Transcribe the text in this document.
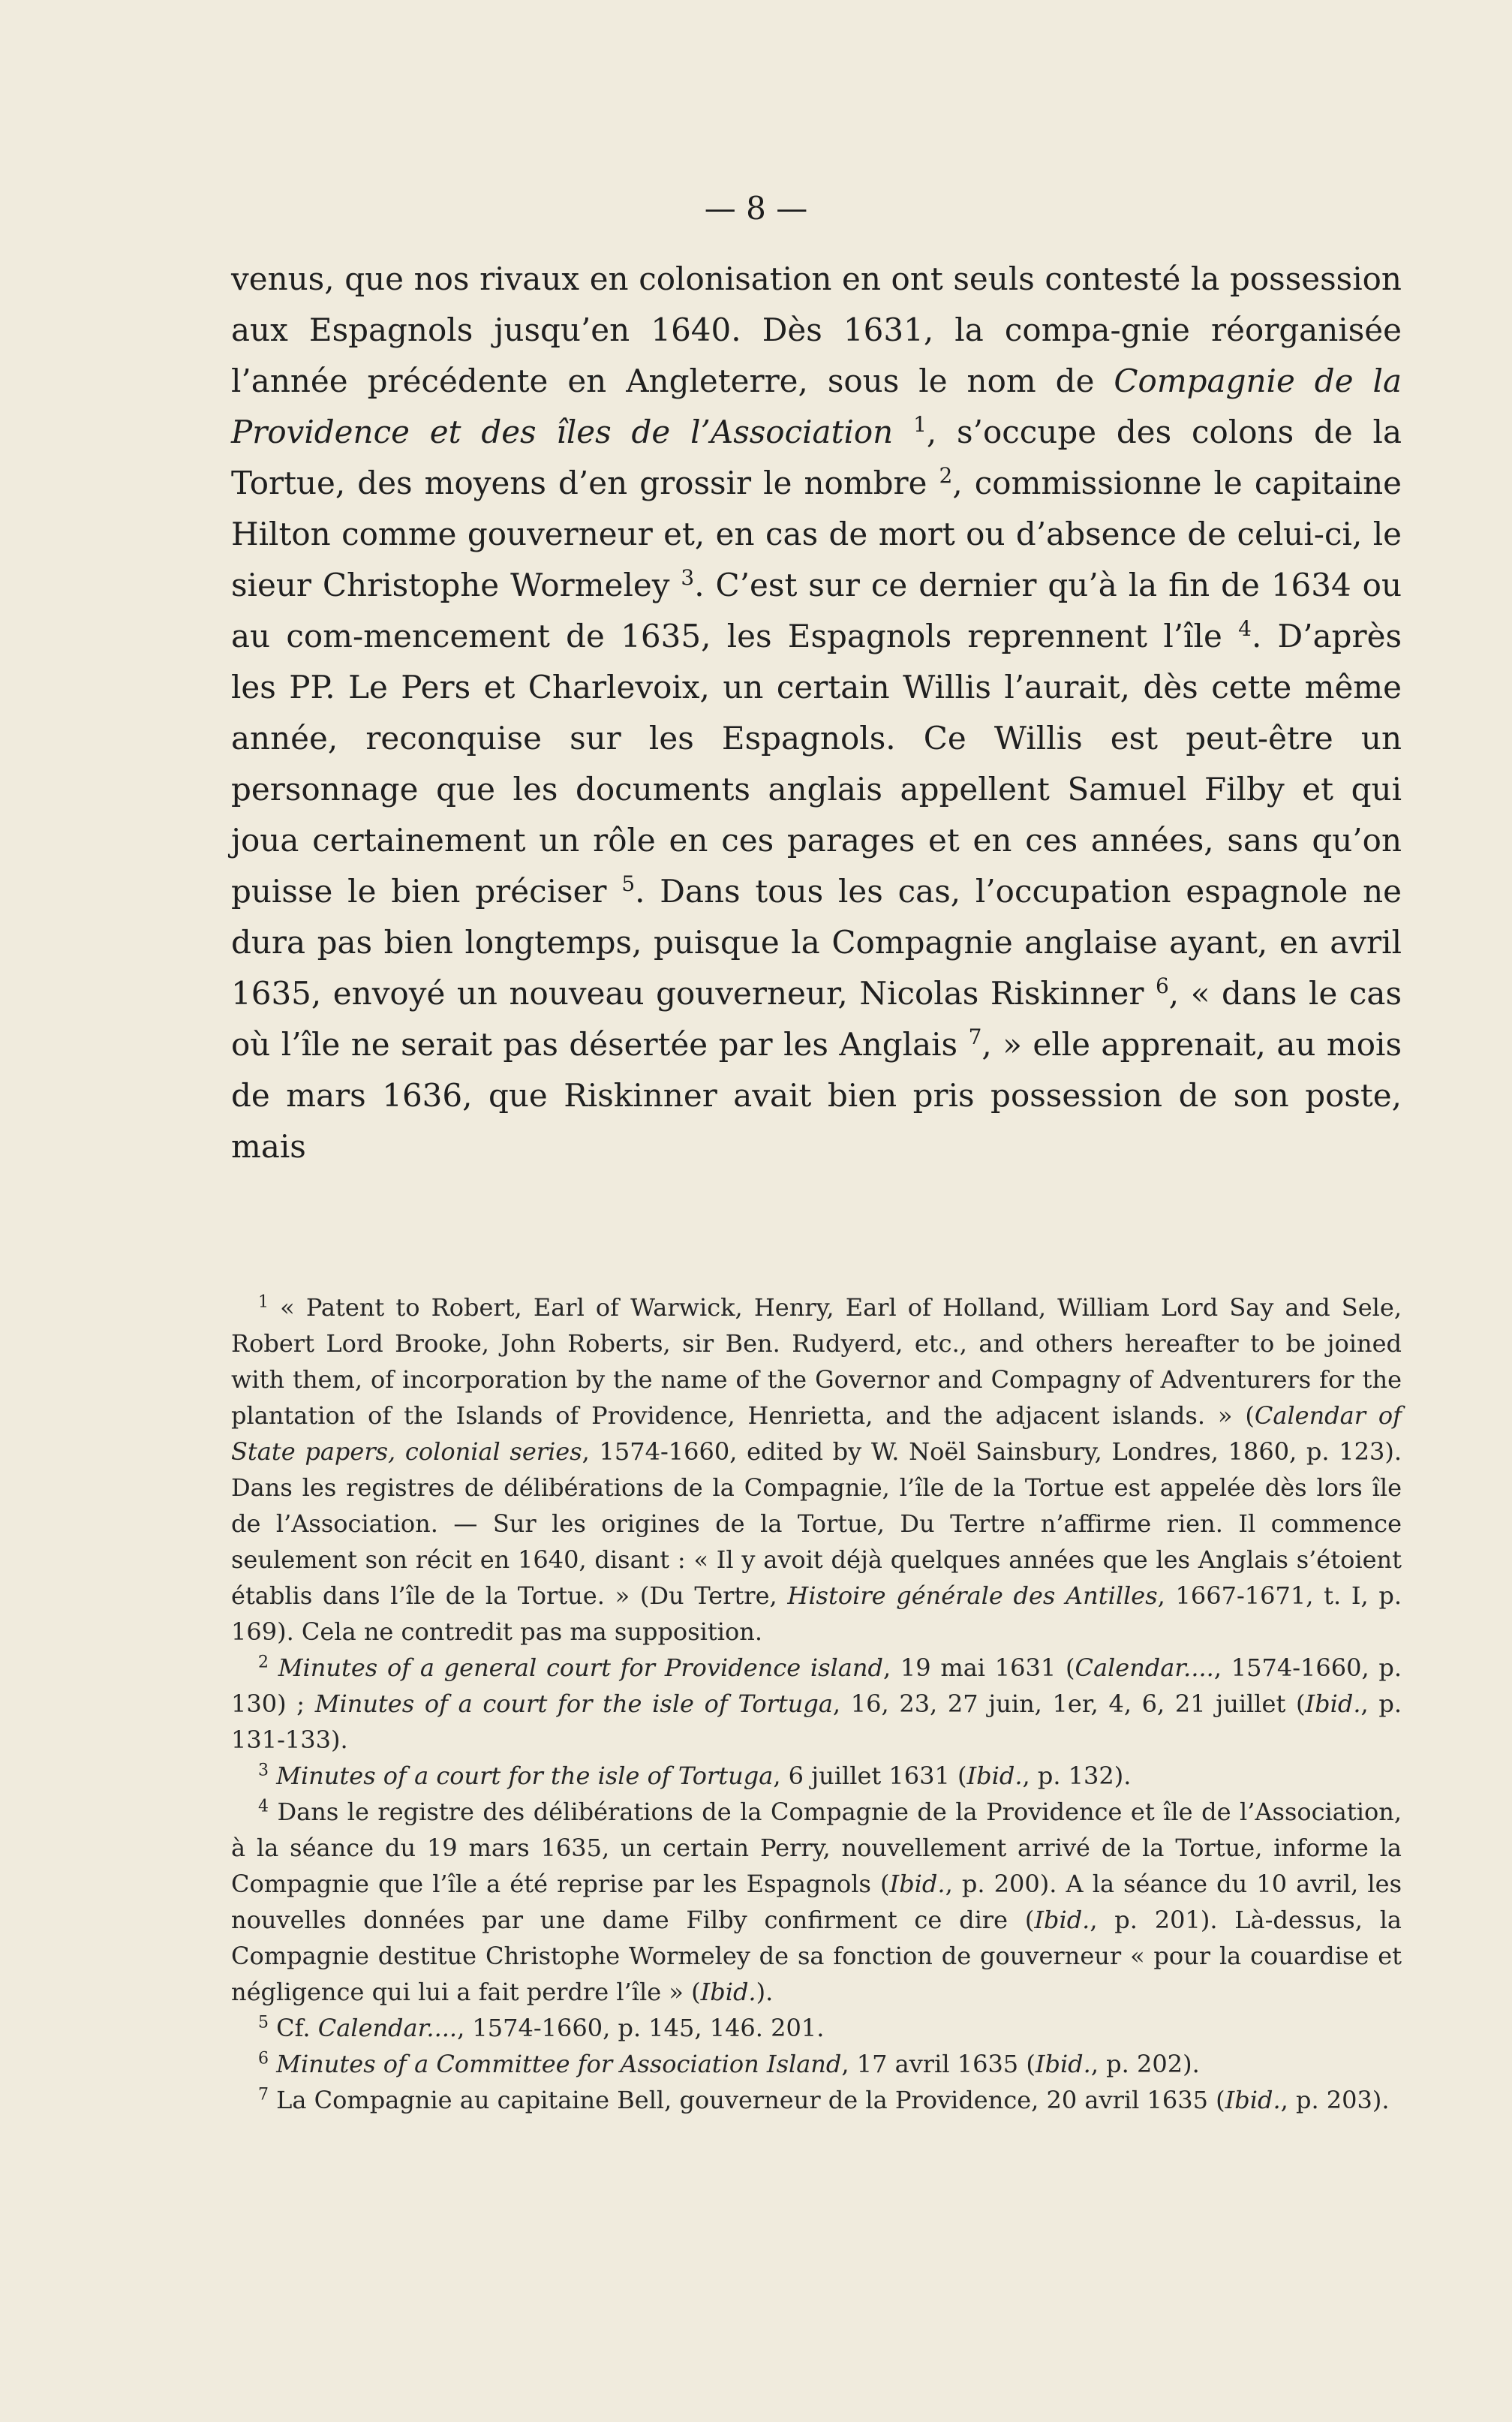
— 8 —
venus, que nos rivaux en colonisation en ont seuls contesté la possession aux Espagnols jusqu’en 1640. Dès 1631, la compa-gnie réorganisée l’année précédente en Angleterre, sous le nom de Compagnie de la Providence et des îles de l’Association $^1$, s’occupe des colons de la Tortue, des moyens d’en grossir le nombre $^2$, commissionne le capitaine Hilton comme gouverneur et, en cas de mort ou d’absence de celui-ci, le sieur Christophe Wormeley $^3$. C’est sur ce dernier qu’à la fin de 1634 ou au com-mencement de 1635, les Espagnols reprennent l’île $^4$. D’après les PP. Le Pers et Charlevoix, un certain Willis l’aurait, dès cette même année, reconquise sur les Espagnols. Ce Willis est peut-être un personnage que les documents anglais appellent Samuel Filby et qui joua certainement un rôle en ces parages et en ces années, sans qu’on puisse le bien préciser $^5$. Dans tous les cas, l’occupation espagnole ne dura pas bien longtemps, puisque la Compagnie anglaise ayant, en avril 1635, envoyé un nouveau gouverneur, Nicolas Riskinner $^6$, « dans le cas où l’île ne serait pas désertée par les Anglais $^7$, » elle apprenait, au mois de mars 1636, que Riskinner avait bien pris possession de son poste, mais

$^1$ « Patent to Robert, Earl of Warwick, Henry, Earl of Holland, William Lord Say and Sele, Robert Lord Brooke, John Roberts, sir Ben. Rudyerd, etc., and others hereafter to be joined with them, of incorporation by the name of the Governor and Compagny of Adventurers for the plantation of the Islands of Providence, Henrietta, and the adjacent islands. » (Calendar of State papers, colonial series, 1574-1660, edited by W. Noël Sainsbury, Londres, 1860, p. 123). Dans les registres de délibérations de la Compagnie, l’île de la Tortue est appelée dès lors île de l’Association. — Sur les origines de la Tortue, Du Tertre n’affirme rien. Il commence seulement son récit en 1640, disant : « Il y avoit déjà quelques années que les Anglais s’étoient établis dans l’île de la Tortue. » (Du Tertre, Histoire générale des Antilles, 1667-1671, t. I, p. 169). Cela ne contredit pas ma supposition.

$^2$ Minutes of a general court for Providence island, 19 mai 1631 (Calendar...., 1574-1660, p. 130) ; Minutes of a court for the isle of Tortuga, 16, 23, 27 juin, 1er, 4, 6, 21 juillet (Ibid., p. 131-133).

$^3$ Minutes of a court for the isle of Tortuga, 6 juillet 1631 (Ibid., p. 132).

$^4$ Dans le registre des délibérations de la Compagnie de la Providence et île de l’Association, à la séance du 19 mars 1635, un certain Perry, nouvellement arrivé de la Tortue, informe la Compagnie que l’île a été reprise par les Espagnols (Ibid., p. 200). A la séance du 10 avril, les nouvelles données par une dame Filby confirment ce dire (Ibid., p. 201). Là-dessus, la Compagnie destitue Christophe Wormeley de sa fonction de gouverneur « pour la couardise et négligence qui lui a fait perdre l’île » (Ibid.).

$^5$ Cf. Calendar...., 1574-1660, p. 145, 146. 201.

$^6$ Minutes of a Committee for Association Island, 17 avril 1635 (Ibid., p. 202).

$^7$ La Compagnie au capitaine Bell, gouverneur de la Providence, 20 avril 1635 (Ibid., p. 203).
